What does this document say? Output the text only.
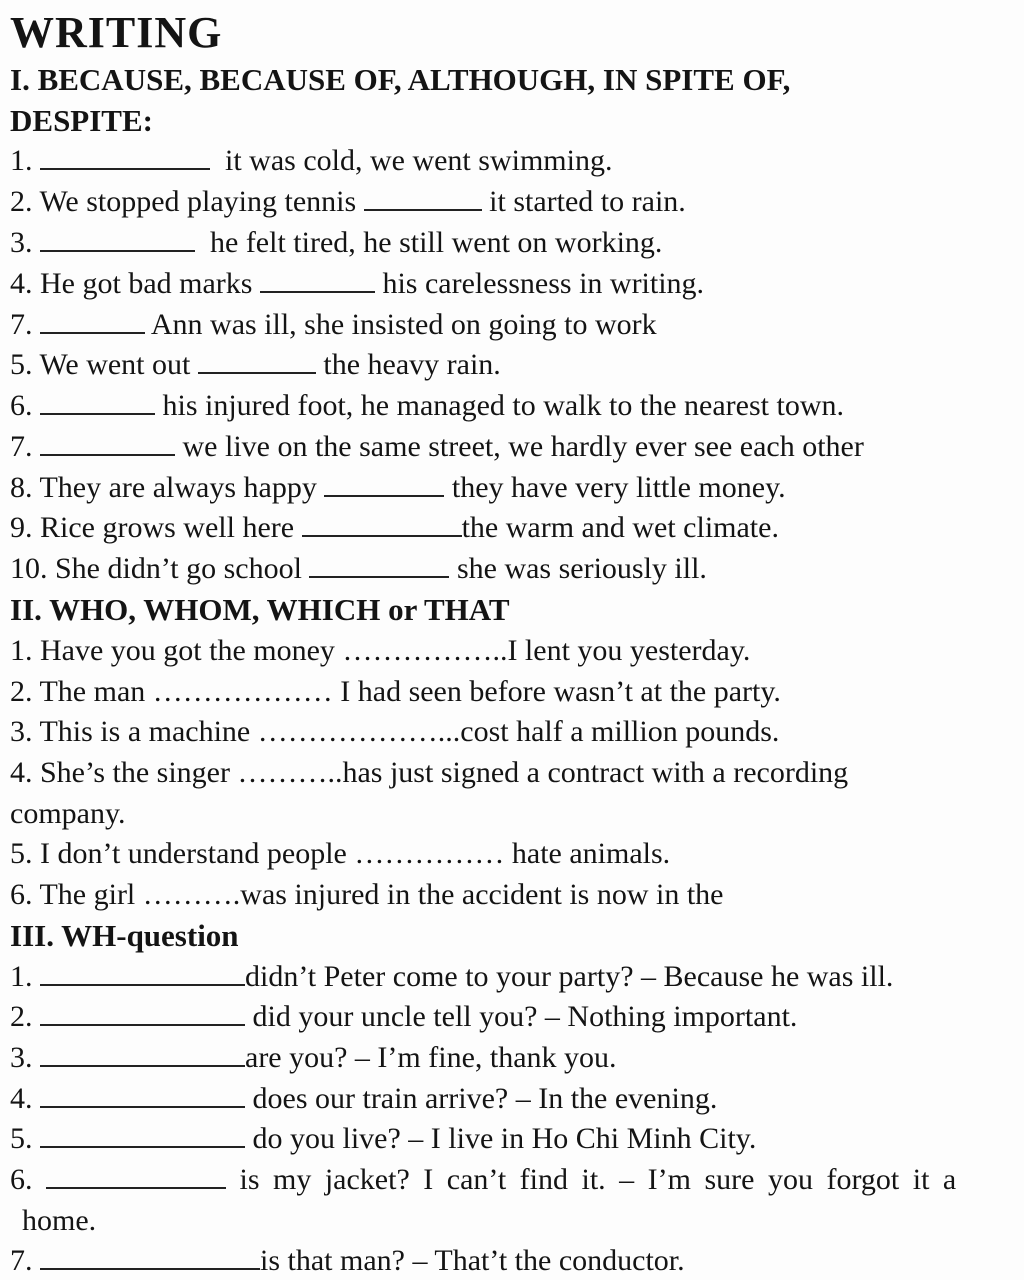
WRITING
I. BECAUSE, BECAUSE OF, ALTHOUGH, IN SPITE OF,
DESPITE:
1.	it was cold, we went swimming.
2. We stopped playing tennis	it started to rain.
3.	he felt tired, he still went on working.
4. He got bad marks	his carelessness in writing.
7.	Ann was ill, she insisted on going to work
5. We went out	the heavy rain.
6.	his injured foot, he managed to walk to the nearest town.
7.	we live on the same street, we hardly ever see each other
8. They are always happy	they have very little money.
9. Rice grows well here	the warm and wet climate.
10. She didn’t go school	she was seriously ill.
II. WHO, WHOM, WHICH or THAT
1. Have you got the money ……………..I lent you yesterday.
2. The man ……………… I had seen before wasn’t at the party.
3. This is a machine ………………...cost half a million pounds.
4. She’s the singer ………..has just signed a contract with a recording
company.
5. I don’t understand people …………… hate animals.
6. The girl ……….was injured in the accident is now in the
III. WH-question
1.	didn’t Peter come to your party? – Because he was ill.
2.	did your uncle tell you? – Nothing important.
3.	are you? – I’m fine, thank you.
4.	does our train arrive? – In the evening.
5.	do you live? – I live in Ho Chi Minh City.
6.	is my jacket? I can’t find it. – I’m sure you forgot it a
home.
7.	is that man? – That’t the conductor.
